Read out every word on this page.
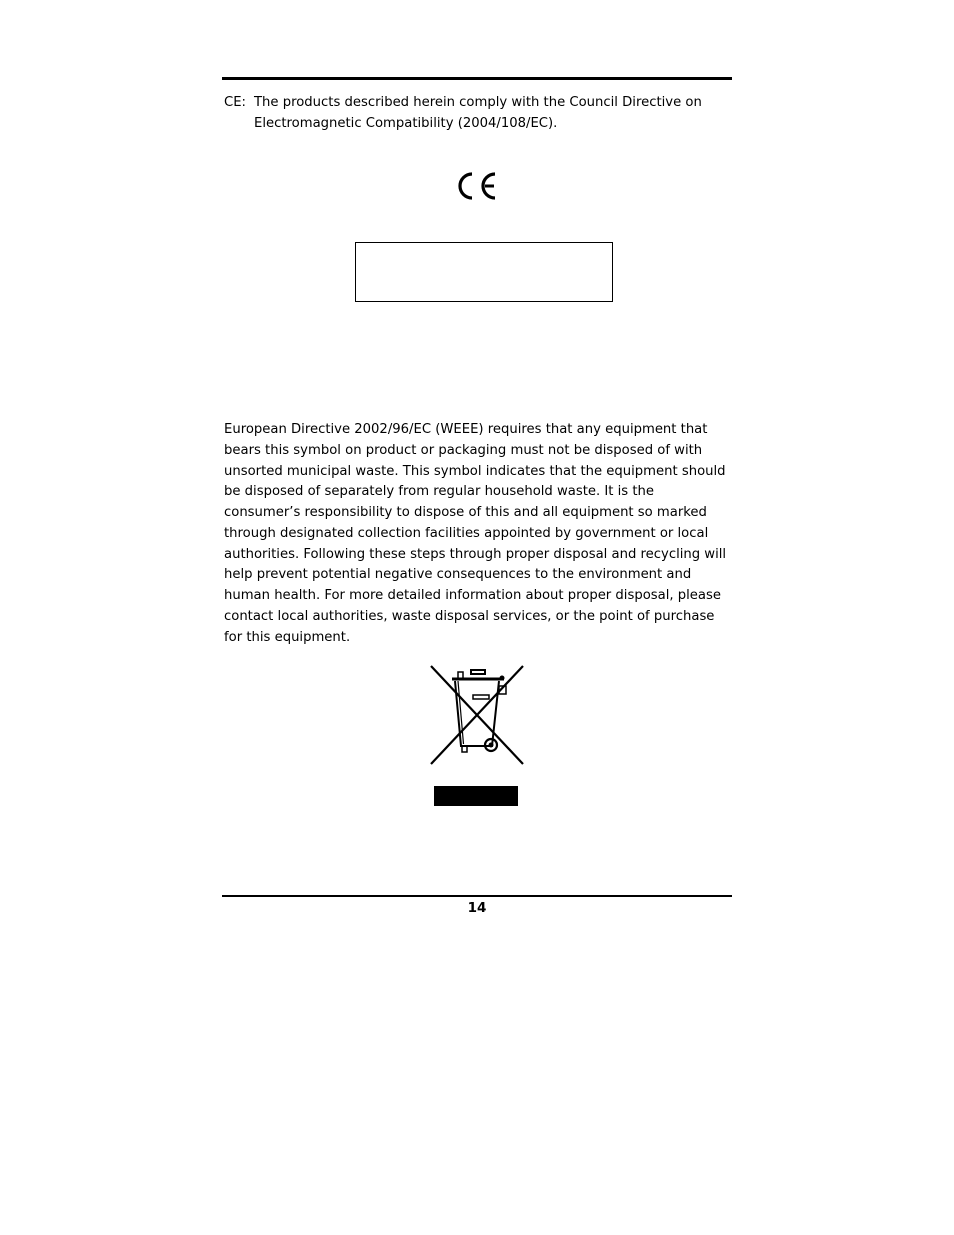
CE: The products described herein comply with the Council Directive on Electromagnetic Compatibility (2004/108/EC).
European Directive 2002/96/EC (WEEE) requires that any equipment that bears this symbol on product or packaging must not be disposed of with unsorted municipal waste. This symbol indicates that the equipment should be disposed of separately from regular household waste. It is the consumer’s responsibility to dispose of this and all equipment so marked through designated collection facilities appointed by government or local authorities. Following these steps through proper disposal and recycling will help prevent potential negative consequences to the environment and human health. For more detailed information about proper disposal, please contact local authorities, waste disposal services, or the point of purchase for this equipment.
14
